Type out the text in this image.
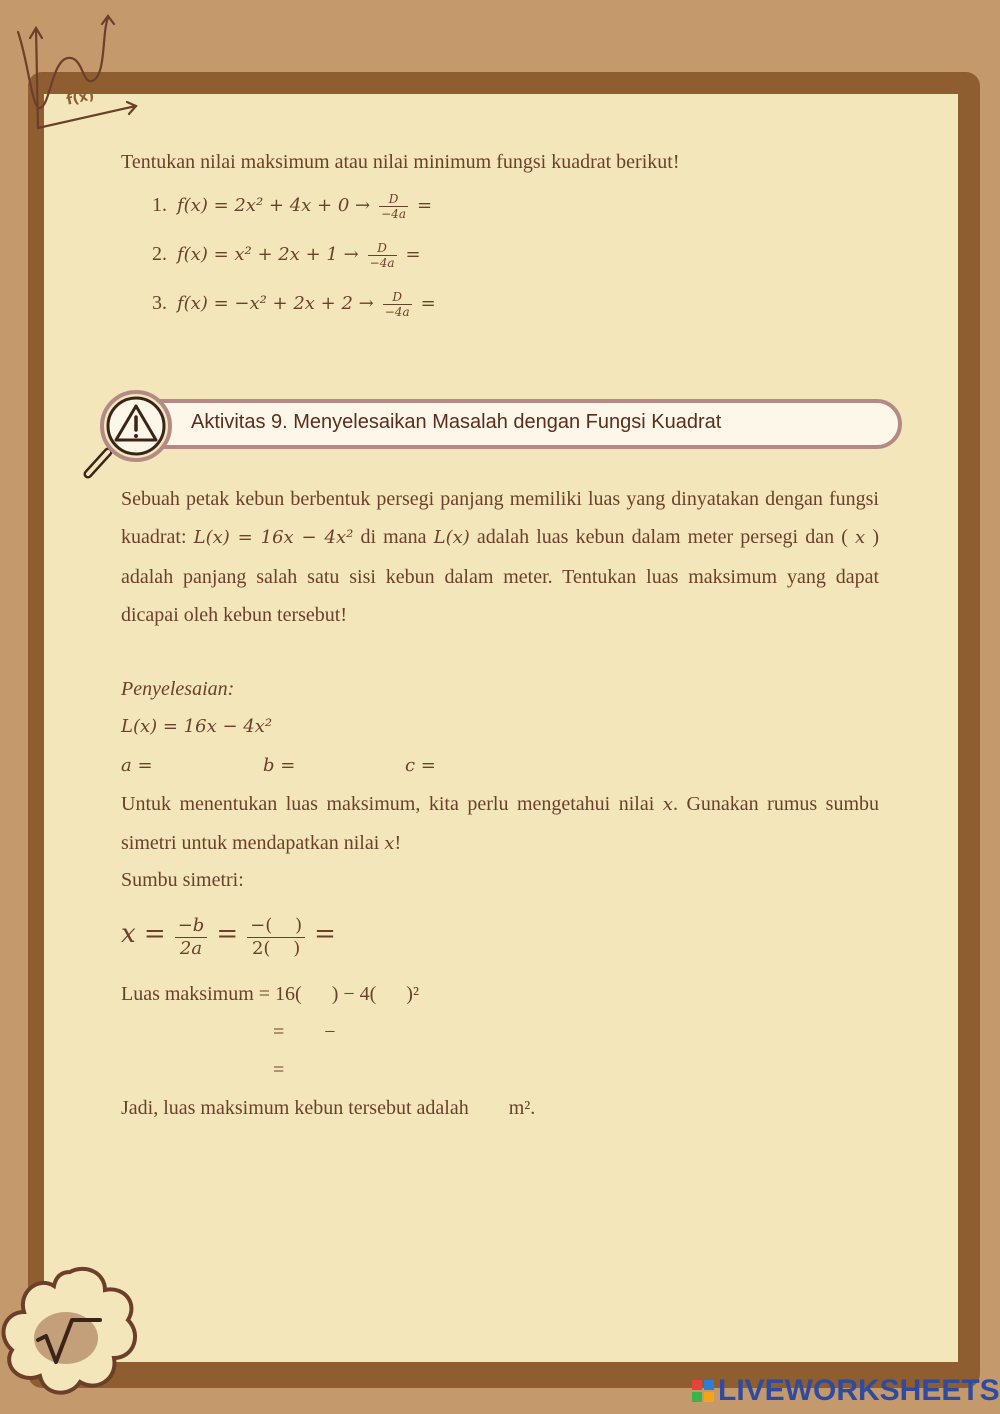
f(x)
Tentukan nilai maksimum atau nilai minimum fungsi kuadrat berikut!
1. $f(x) = 2x^2 + 4x + 0 \to \frac{D}{-4a}$ =
2. $f(x) = x^2 + 2x + 1 \to \frac{D}{-4a}$ =
3. $f(x) = -x^2 + 2x + 2 \to \frac{D}{-4a}$ =
Aktivitas 9. Menyelesaikan Masalah dengan Fungsi Kuadrat
Sebuah petak kebun berbentuk persegi panjang memiliki luas yang dinyatakan dengan fungsi kuadrat: L(x) = 16x − 4x² di mana L(x) adalah luas kebun dalam meter persegi dan ( x ) adalah panjang salah satu sisi kebun dalam meter. Tentukan luas maksimum yang dapat dicapai oleh kebun tersebut!
Penyelesaian:
L(x) = 16x − 4x²
a =	b =	c =
Untuk menentukan luas maksimum, kita perlu mengetahui nilai x. Gunakan rumus sumbu simetri untuk mendapatkan nilai x!
Sumbu simetri:
$x = \frac{-b}{2a}$ = −(    )
2(    ) =
Luas maksimum = 16(      ) − 4(      )²
=        −
=
Jadi, luas maksimum kebun tersebut adalah        m².
LIVEWORKSHEETS
